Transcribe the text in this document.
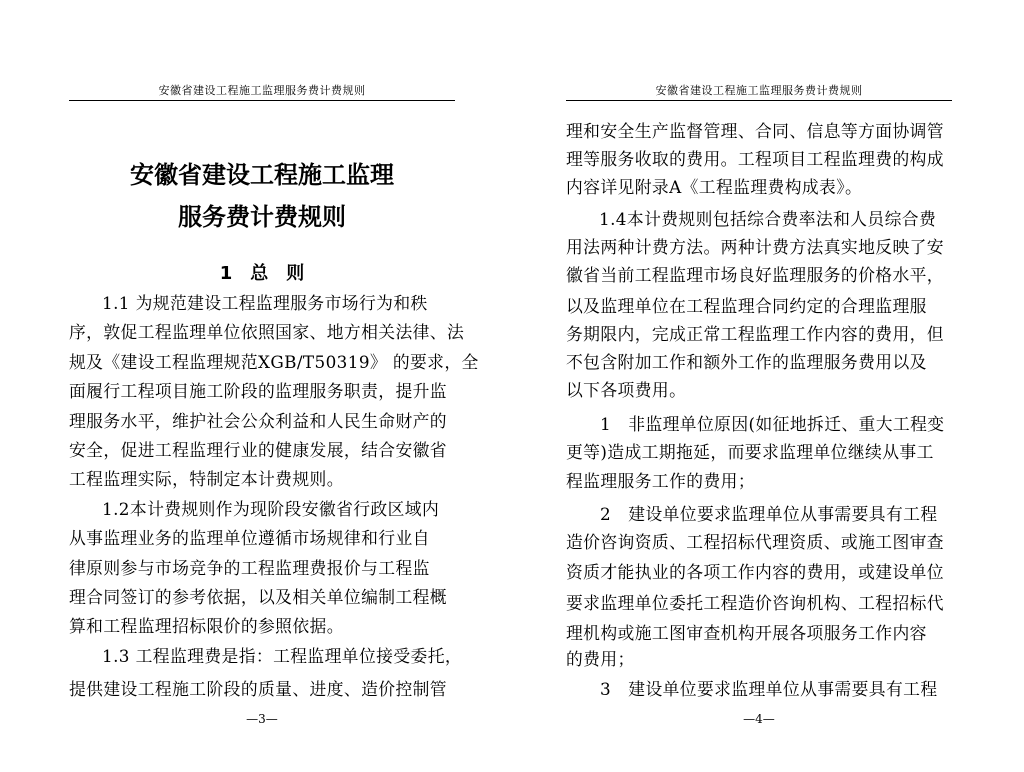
安徽省建设工程施工监理服务费计费规则
安徽省建设工程施工监理
服务费计费规则
1　总　则
1.1 为规范建设工程监理服务市场行为和秩
序，敦促工程监理单位依照国家、地方相关法律、法
规及《建设工程监理规范XGB/T50319》 的要求，全
面履行工程项目施工阶段的监理服务职责，提升监
理服务水平，维护社会公众利益和人民生命财产的
安全，促进工程监理行业的健康发展，结合安徽省
工程监理实际，特制定本计费规则。
1.2本计费规则作为现阶段安徽省行政区域内
从事监理业务的监理单位遵循市场规律和行业自
律原则参与市场竞争的工程监理费报价与工程监
理合同签订的参考依据，以及相关单位编制工程概
算和工程监理招标限价的参照依据。
1.3 工程监理费是指：工程监理单位接受委托，
提供建设工程施工阶段的质量、进度、造价控制管
—3—
安徽省建设工程施工监理服务费计费规则
理和安全生产监督管理、合同、信息等方面协调管
理等服务收取的费用。工程项目工程监理费的构成
内容详见附录A《工程监理费构成表》。
1.4本计费规则包括综合费率法和人员综合费
用法两种计费方法。两种计费方法真实地反映了安
徽省当前工程监理市场良好监理服务的价格水平，
以及监理单位在工程监理合同约定的合理监理服
务期限内，完成正常工程监理工作内容的费用，但
不包含附加工作和额外工作的监理服务费用以及
以下各项费用。
1　非监理单位原因(如征地拆迁、重大工程变
更等)造成工期拖延，而要求监理单位继续从事工
程监理服务工作的费用；
2　建设单位要求监理单位从事需要具有工程
造价咨询资质、工程招标代理资质、或施工图审查
资质才能执业的各项工作内容的费用，或建设单位
要求监理单位委托工程造价咨询机构、工程招标代
理机构或施工图审查机构开展各项服务工作内容
的费用；
3　建设单位要求监理单位从事需要具有工程
—4—
